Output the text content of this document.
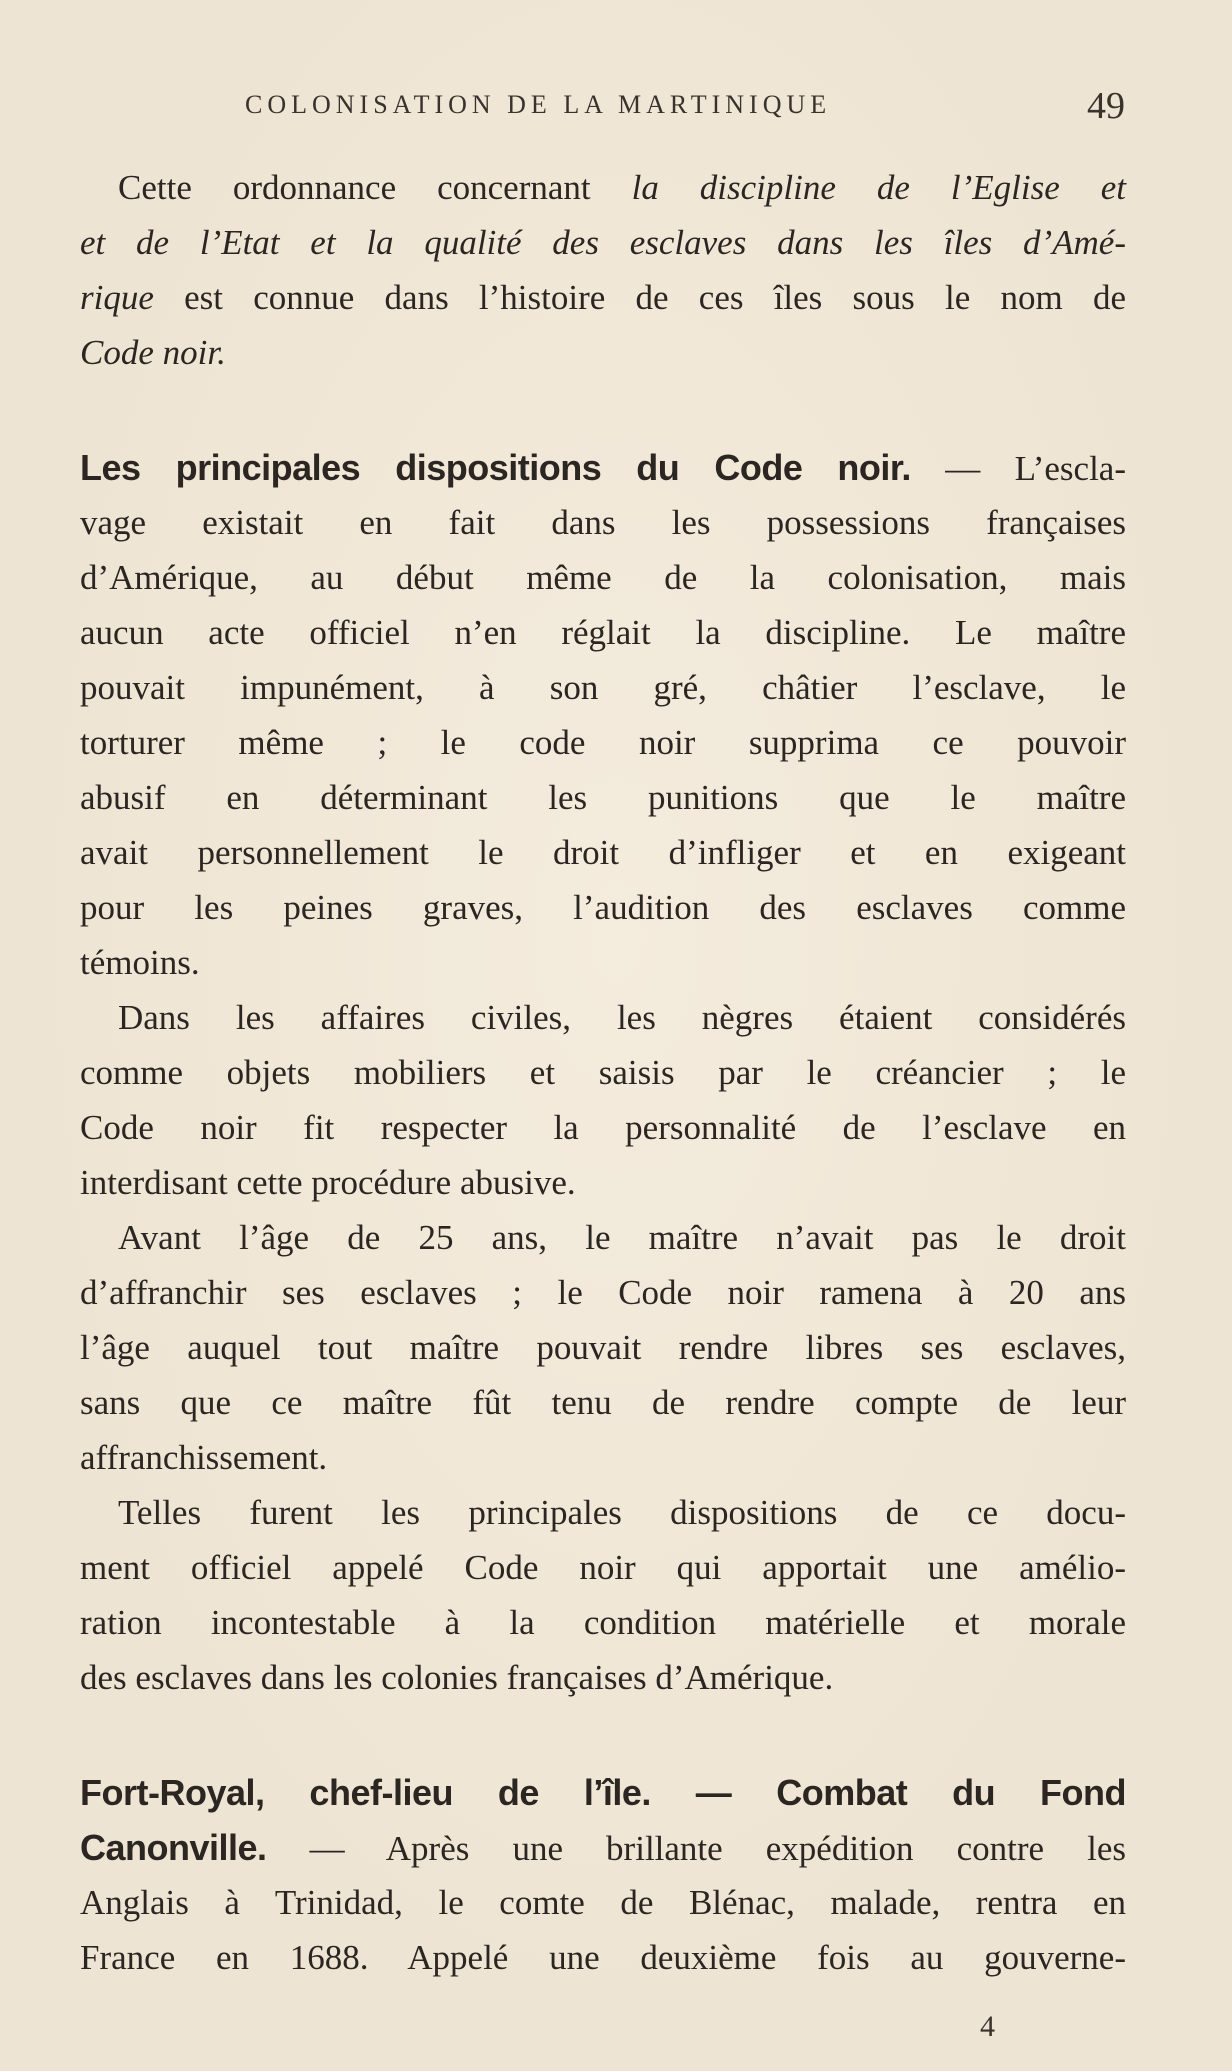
COLONISATION DE LA MARTINIQUE	49
Cette ordonnance concernant la discipline de l’Eglise et
et de l’Etat et la qualité des esclaves dans les îles d’Amé-
rique est connue dans l’histoire de ces îles sous le nom de
Code noir.
Les principales dispositions du Code noir. — L’escla-
vage existait en fait dans les possessions françaises
d’Amérique, au début même de la colonisation, mais
aucun acte officiel n’en réglait la discipline. Le maître
pouvait impunément, à son gré, châtier l’esclave, le
torturer même ; le code noir supprima ce pouvoir
abusif en déterminant les punitions que le maître
avait personnellement le droit d’infliger et en exigeant
pour les peines graves, l’audition des esclaves comme
témoins.
Dans les affaires civiles, les nègres étaient considérés
comme objets mobiliers et saisis par le créancier ; le
Code noir fit respecter la personnalité de l’esclave en
interdisant cette procédure abusive.
Avant l’âge de 25 ans, le maître n’avait pas le droit
d’affranchir ses esclaves ; le Code noir ramena à 20 ans
l’âge auquel tout maître pouvait rendre libres ses esclaves,
sans que ce maître fût tenu de rendre compte de leur
affranchissement.
Telles furent les principales dispositions de ce docu-
ment officiel appelé Code noir qui apportait une amélio-
ration incontestable à la condition matérielle et morale
des esclaves dans les colonies françaises d’Amérique.
Fort-Royal, chef-lieu de l’île. — Combat du Fond
Canonville. — Après une brillante expédition contre les
Anglais à Trinidad, le comte de Blénac, malade, rentra en
France en 1688. Appelé une deuxième fois au gouverne-
4
